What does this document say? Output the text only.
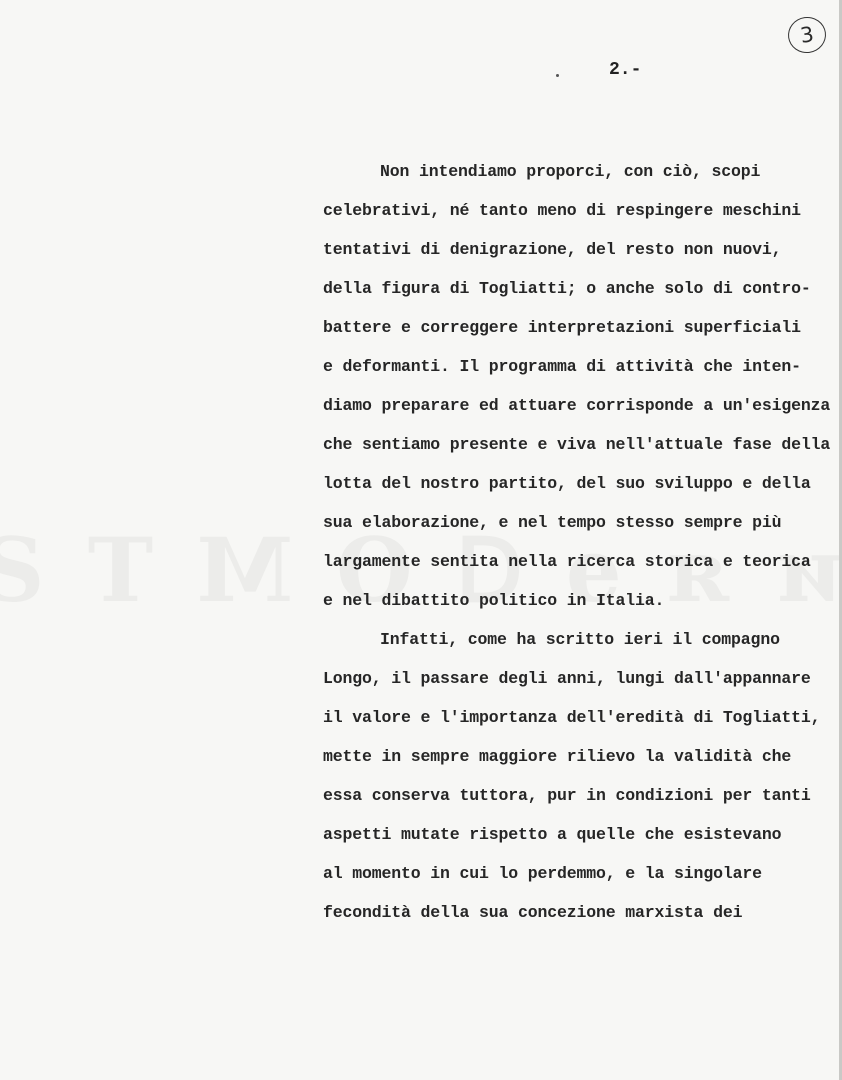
3
2.-
Non intendiamo proporci, con ciò, scopi
celebrativi, né tanto meno di respingere meschini
tentativi di denigrazione, del resto non nuovi,
della figura di Togliatti; o anche solo di contro-
battere e correggere interpretazioni superficiali
e deformanti. Il programma di attività che inten-
diamo preparare ed attuare corrisponde a un'esigenza
che sentiamo presente e viva nell'attuale fase della
lotta del nostro partito, del suo sviluppo e della
sua elaborazione, e nel tempo stesso sempre più
largamente sentita nella ricerca storica e teorica
e nel dibattito politico in Italia.
Infatti, come ha scritto ieri il compagno
Longo, il passare degli anni, lungi dall'appannare
il valore e l'importanza dell'eredità di Togliatti,
mette in sempre maggiore rilievo la validità che
essa conserva tuttora, pur in condizioni per tanti
aspetti mutate rispetto a quelle che esistevano
al momento in cui lo perdemmo, e la singolare
fecondità della sua concezione marxista dei
